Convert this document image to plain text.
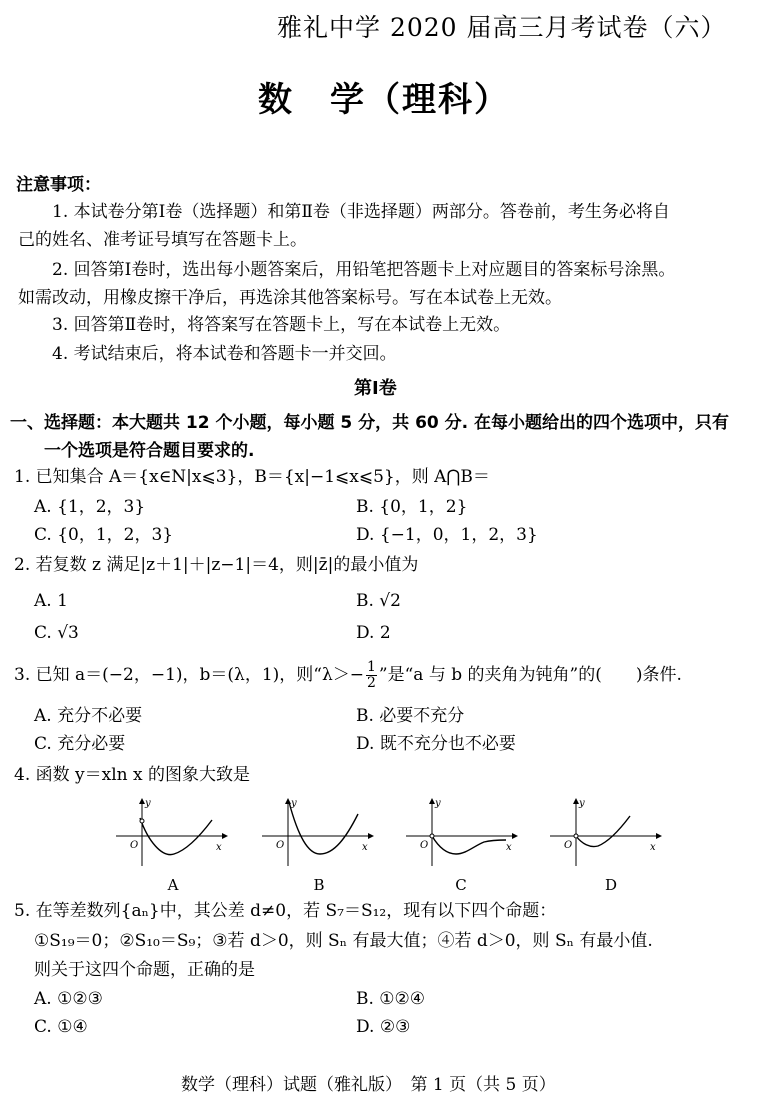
雅礼中学 2020 届高三月考试卷（六）
数　学（理科）
注意事项：
1. 本试卷分第Ⅰ卷（选择题）和第Ⅱ卷（非选择题）两部分。答卷前，考生务必将自
己的姓名、准考证号填写在答题卡上。
2. 回答第Ⅰ卷时，选出每小题答案后，用铅笔把答题卡上对应题目的答案标号涂黑。
如需改动，用橡皮擦干净后，再选涂其他答案标号。写在本试卷上无效。
3. 回答第Ⅱ卷时，将答案写在答题卡上，写在本试卷上无效。
4. 考试结束后，将本试卷和答题卡一并交回。
第Ⅰ卷
一、选择题：本大题共 12 个小题，每小题 5 分，共 60 分. 在每小题给出的四个选项中，只有
一个选项是符合题目要求的.
1. 已知集合 A＝{x∈N|x⩽3}，B＝{x|−1⩽x⩽5}，则 A⋂B＝
A. {1，2，3}	B. {0，1，2}
C. {0，1，2，3}	D. {−1，0，1，2，3}
2. 若复数 z 满足|z＋1|＋|z−1|＝4，则|z̄|的最小值为
A. 1	B. √2
C. √3	D. 2
3. 已知 a＝(−2，−1)，b＝(λ，1)，则“$\lambda>- \frac{1}{2}$ ”是“a 与 b 的夹角为钝角”的(　　)条件.
A. 充分不必要	B. 必要不充分
C. 充分必要	D. 既不充分也不必要
4. 函数 y＝xln x 的图象大致是
y
O	x
A
y
O	x
B
y
O	x
C
y
O	x
D
5. 在等差数列{aₙ}中，其公差 d≠0，若 S₇＝S₁₂，现有以下四个命题：
①S₁₉＝0；②S₁₀＝S₉；③若 d＞0，则 Sₙ 有最大值；④若 d＞0，则 Sₙ 有最小值.
则关于这四个命题，正确的是
A. ①②③	B. ①②④
C. ①④	D. ②③
数学（理科）试题（雅礼版）　第 1 页（共 5 页）
